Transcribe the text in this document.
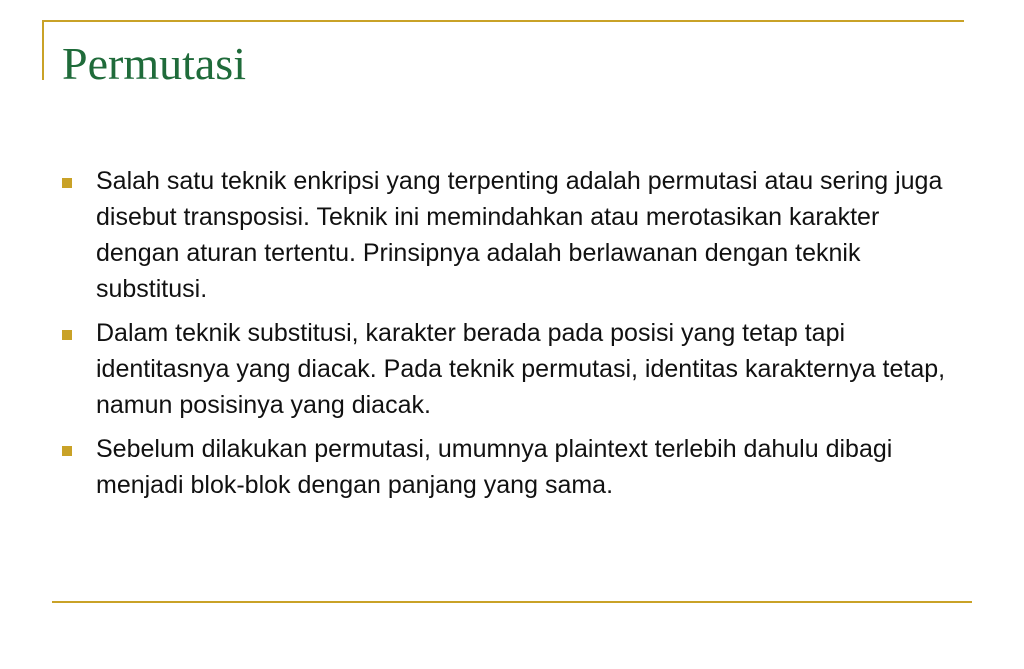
Permutasi
Salah satu teknik enkripsi yang terpenting adalah permutasi atau sering juga disebut transposisi. Teknik ini memindahkan atau merotasikan karakter dengan aturan tertentu. Prinsipnya adalah berlawanan dengan teknik substitusi.
Dalam teknik substitusi, karakter berada pada posisi yang tetap tapi identitasnya yang diacak. Pada teknik permutasi, identitas karakternya tetap, namun posisinya yang diacak.
Sebelum dilakukan permutasi, umumnya plaintext terlebih dahulu dibagi menjadi blok-blok dengan panjang yang sama.
